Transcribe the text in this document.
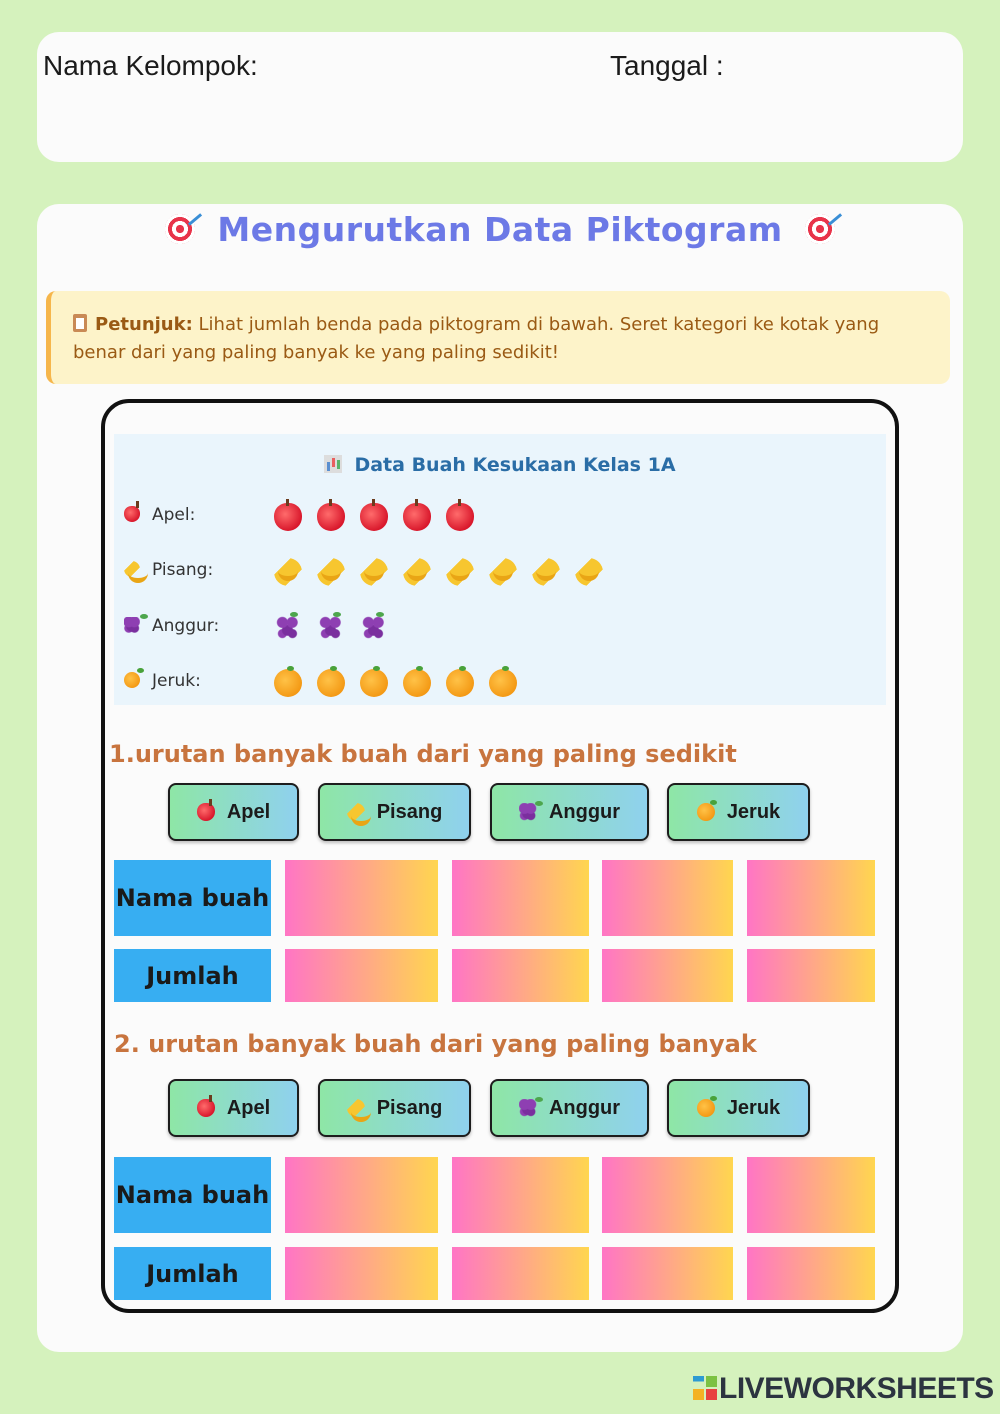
Nama Kelompok:	Tanggal :
Mengurutkan Data Piktogram
Petunjuk: Lihat jumlah benda pada piktogram di bawah. Seret kategori ke kotak yang benar dari yang paling banyak ke yang paling sedikit!
Data Buah Kesukaan Kelas 1A
Apel:
Pisang:
Anggur:
Jeruk:
1.urutan banyak buah dari yang paling sedikit
Apel	Pisang	Anggur	Jeruk
Nama buah
Jumlah
2. urutan banyak buah dari yang paling banyak
Apel	Pisang	Anggur	Jeruk
Nama buah
Jumlah
LIVEWORKSHEETS
